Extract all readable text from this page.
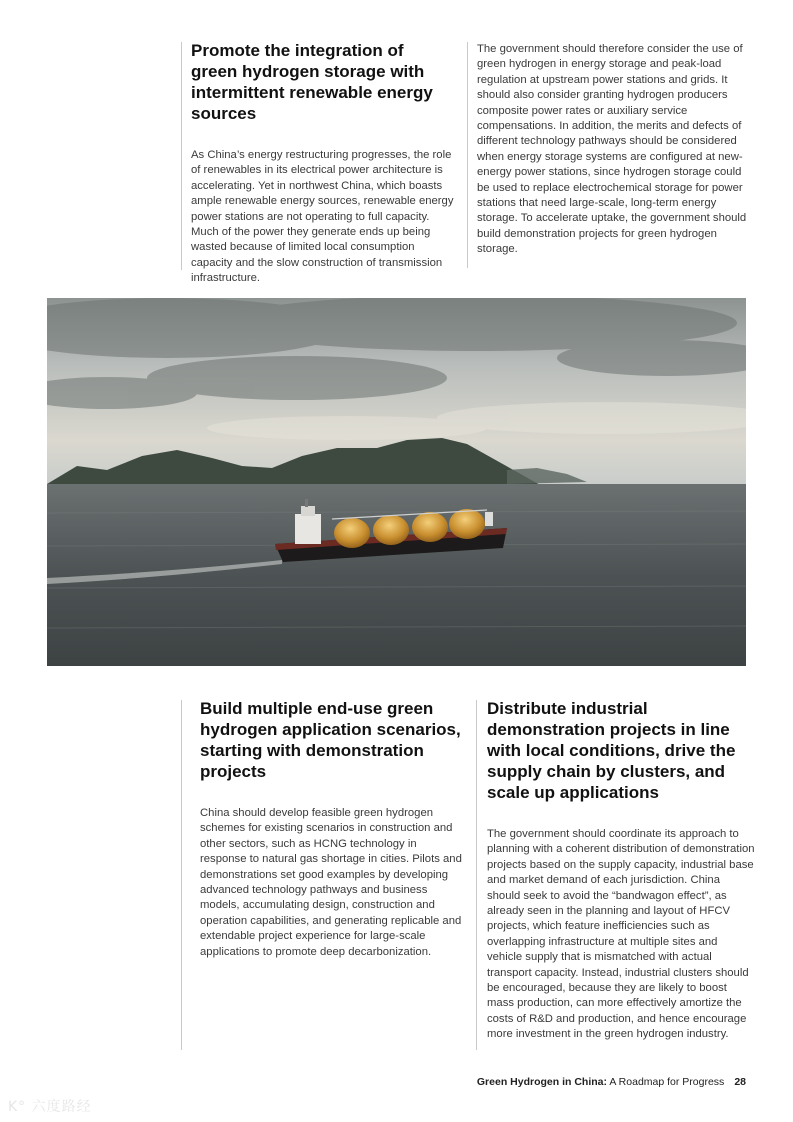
Promote the integration of green hydrogen storage with intermittent renewable energy sources

As China’s energy restructuring progresses, the role of renewables in its electrical power architecture is accelerating. Yet in northwest China, which boasts ample renewable energy sources, renewable energy power stations are not operating to full capacity. Much of the power they generate ends up being wasted because of limited local consumption capacity and the slow construction of transmission infrastructure.

The government should therefore consider the use of green hydrogen in energy storage and peak-load regulation at upstream power stations and grids. It should also consider granting hydrogen producers composite power rates or auxiliary service compensations. In addition, the merits and defects of different technology pathways should be considered when energy storage systems are configured at new-energy power stations, since hydrogen storage could be used to replace electrochemical storage for power stations that need large-scale, long-term energy storage. To accelerate uptake, the government should build demonstration projects for green hydrogen storage.

Build multiple end-use green hydrogen application scenarios, starting with demonstration projects

China should develop feasible green hydrogen schemes for existing scenarios in construction and other sectors, such as HCNG technology in response to natural gas shortage in cities. Pilots and demonstrations set good examples by developing advanced technology pathways and business models, accumulating design, construction and operation capabilities, and generating replicable and extendable project experience for large-scale applications to promote deep decarbonization.

Distribute industrial demonstration projects in line with local conditions, drive the supply chain by clusters, and scale up applications

The government should coordinate its approach to planning with a coherent distribution of demonstration projects based on the supply capacity, industrial base and market demand of each jurisdiction. China should seek to avoid the “bandwagon effect”, as already seen in the planning and layout of HFCV projects, which feature inefficiencies such as overlapping infrastructure at multiple sites and vehicle supply that is mismatched with actual transport capacity. Instead, industrial clusters should be encouraged, because they are likely to boost mass production, can more effectively amortize the costs of R&D and production, and hence encourage more investment in the green hydrogen industry.

Green Hydrogen in China: A Roadmap for Progress 28
K° 六度路经
